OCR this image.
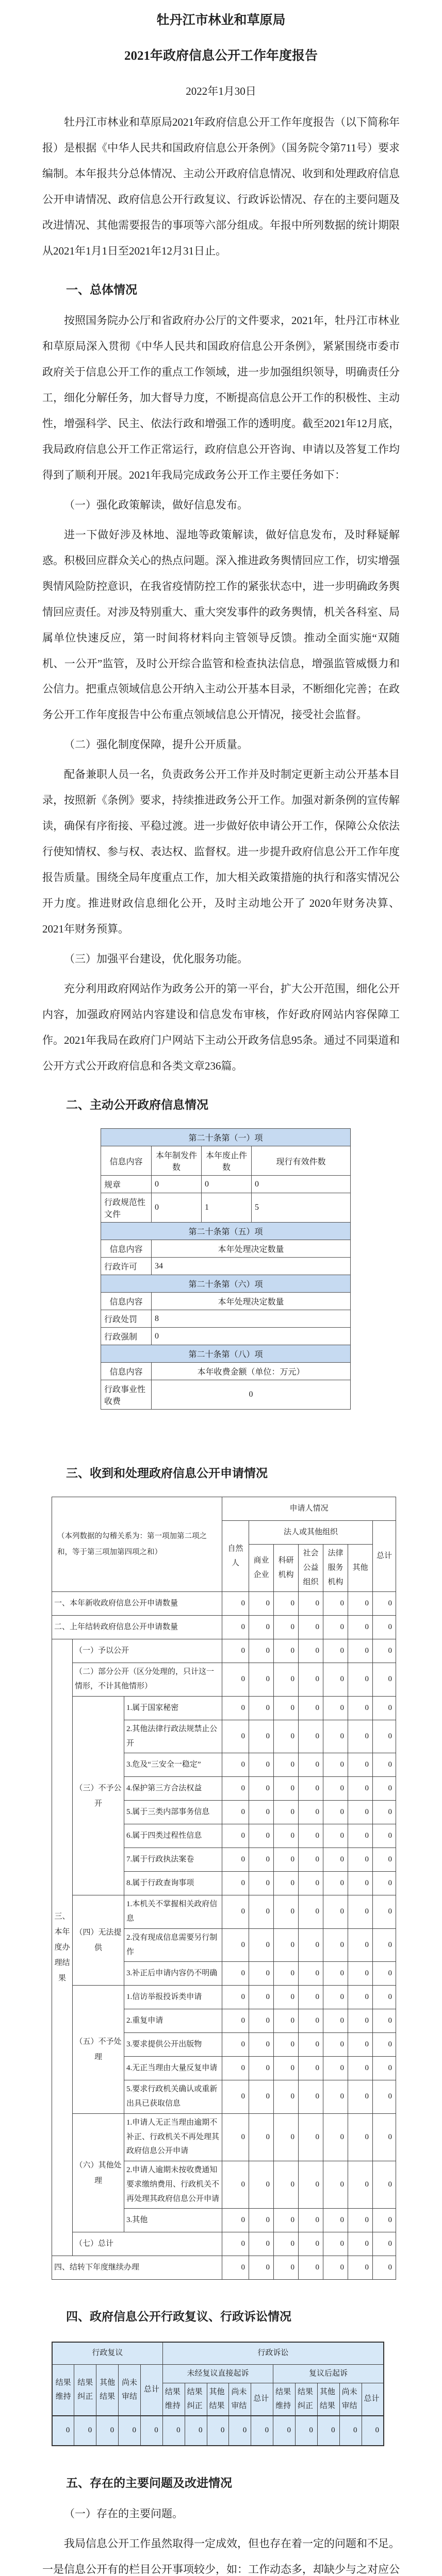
牡丹江市林业和草原局
2021年政府信息公开工作年度报告
2022年1月30日

牡丹江市林业和草原局2021年政府信息公开工作年度报告（以下简称年报）是根据《中华人民共和国政府信息公开条例》（国务院令第711号）要求编制。本年报共分总体情况、主动公开政府信息情况、收到和处理政府信息公开申请情况、政府信息公开行政复议、行政诉讼情况、存在的主要问题及改进情况、其他需要报告的事项等六部分组成。年报中所列数据的统计期限从2021年1月1日至2021年12月31日止。

一、总体情况

按照国务院办公厅和省政府办公厅的文件要求，2021年，牡丹江市林业和草原局深入贯彻《中华人民共和国政府信息公开条例》，紧紧围绕市委市政府关于信息公开工作的重点工作领域，进一步加强组织领导，明确责任分工，细化分解任务，加大督导力度，不断提高信息公开工作的积极性、主动性，增强科学、民主、依法行政和增强工作的透明度。截至2021年12月底，我局政府信息公开工作正常运行，政府信息公开咨询、申请以及答复工作均得到了顺利开展。2021年我局完成政务公开工作主要任务如下：

（一）强化政策解读，做好信息发布。

进一下做好涉及林地、湿地等政策解读，做好信息发布，及时释疑解惑。积极回应群众关心的热点问题。深入推进政务舆情回应工作，切实增强舆情风险防控意识，在我省疫情防控工作的紧张状态中，进一步明确政务舆情回应责任。对涉及特别重大、重大突发事件的政务舆情，机关各科室、局属单位快速反应，第一时间将材料向主管领导反馈。推动全面实施“双随机、一公开”监管，及时公开综合监管和检查执法信息，增强监管威慑力和公信力。把重点领域信息公开纳入主动公开基本目录，不断细化完善；在政务公开工作年度报告中公布重点领域信息公开情况，接受社会监督。

（二）强化制度保障，提升公开质量。

配备兼职人员一名，负责政务公开工作并及时制定更新主动公开基本目录，按照新《条例》要求，持续推进政务公开工作。加强对新条例的宣传解读，确保有序衔接、平稳过渡。进一步做好依申请公开工作，保障公众依法行使知情权、参与权、表达权、监督权。进一步提升政府信息公开工作年度报告质量。围绕全局年度重点工作，加大相关政策措施的执行和落实情况公开力度。推进财政信息细化公开，及时主动地公开了 2020年财务决算、2021年财务预算。

（三）加强平台建设，优化服务功能。

充分利用政府网站作为政务公开的第一平台，扩大公开范围，细化公开内容，加强政府网站内容建设和信息发布审核，作好政府网站内容保障工作。2021年我局在政府门户网站下主动公开政务信息95条。通过不同渠道和公开方式公开政府信息和各类文章236篇。

二、主动公开政府信息情况
第二十条第（一）项			
信息内容	本年制发件数	本年废止件数	现行有效件数
规章	0	0	0
行政规范性文件	0	1	5
第二十条第（五）项			
信息内容	本年处理决定数量		
行政许可	34		
第二十条第（六）项			
信息内容	本年处理决定数量		
行政处罚	8		
行政强制	0		
第二十条第（八）项			
信息内容	本年收费金额（单位：万元）		
行政事业性收费	0		
三、收到和处理政府信息公开申请情况
（本列数据的勾稽关系为：第一项加第二项之和，等于第三项加第四项之和）			申请人情况						
			自然人	法人或其他组织					总计
				商业企业	科研机构	社会公益组织	法律服务机构	其他	
一、本年新收政府信息公开申请数量			0	0	0	0	0	0	0
二、上年结转政府信息公开申请数量			0	0	0	0	0	0	0
三、本年度办理结果	（一）予以公开		0	0	0	0	0	0	0
	（二）部分公开（区分处理的，只计这一情形，不计其他情形）		0	0	0	0	0	0	0
	（三）不予公开	1.属于国家秘密	0	0	0	0	0	0	0
		2.其他法律行政法规禁止公开	0	0	0	0	0	0	0
		3.危及“三安全一稳定”	0	0	0	0	0	0	0
		4.保护第三方合法权益	0	0	0	0	0	0	0
		5.属于三类内部事务信息	0	0	0	0	0	0	0
		6.属于四类过程性信息	0	0	0	0	0	0	0
		7.属于行政执法案卷	0	0	0	0	0	0	0
		8.属于行政查询事项	0	0	0	0	0	0	0
	（四）无法提供	1.本机关不掌握相关政府信息	0	0	0	0	0	0	0
		2.没有现成信息需要另行制作	0	0	0	0	0	0	0
		3.补正后申请内容仍不明确	0	0	0	0	0	0	0
	（五）不予处理	1.信访举报投诉类申请	0	0	0	0	0	0	0
		2.重复申请	0	0	0	0	0	0	0
		3.要求提供公开出版物	0	0	0	0	0	0	0
		4.无正当理由大量反复申请	0	0	0	0	0	0	0
		5.要求行政机关确认或重新出具已获取信息	0	0	0	0	0	0	0
	（六）其他处理	1.申请人无正当理由逾期不补正、行政机关不再处理其政府信息公开申请	0	0	0	0	0	0	0
		2.申请人逾期未按收费通知要求缴纳费用、行政机关不再处理其政府信息公开申请	0	0	0	0	0	0	0
		3.其他	0	0	0	0	0	0	0
	（七）总计		0	0	0	0	0	0	0
四、结转下年度继续办理			0	0	0	0	0	0	0
四、政府信息公开行政复议、行政诉讼情况
行政复议					行政诉讼									
结果维持	结果纠正	其他结果	尚未审结	总计	未经复议直接起诉					复议后起诉				
					结果维持	结果纠正	其他结果	尚未审结	总计	结果维持	结果纠正	其他结果	尚未审结	总计
0	0	0	0	0	0	0	0	0	0	0	0	0	0	0
五、存在的主要问题及改进情况

（一）存在的主要问题。

我局信息公开工作虽然取得一定成效，但也存在着一定的问题和不足。一是信息公开有的栏目公开事项较少，如：工作动态多，却缺少与之对应公
